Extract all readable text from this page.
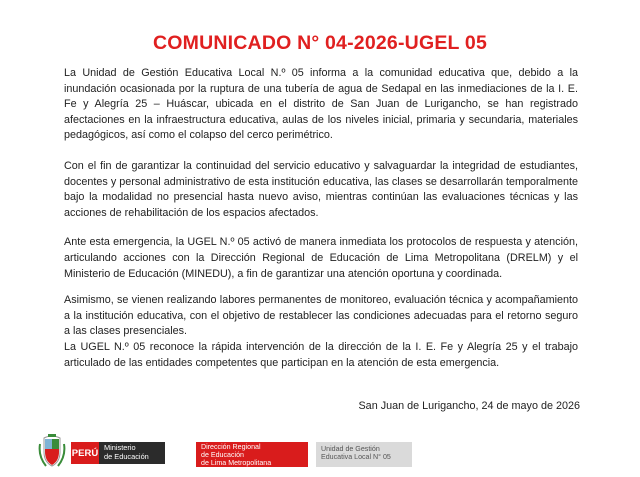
COMUNICADO N° 04-2026-UGEL 05

La Unidad de Gestión Educativa Local N.º 05 informa a la comunidad educativa que, debido a la inundación ocasionada por la ruptura de una tubería de agua de Sedapal en las inmediaciones de la I. E. Fe y Alegría 25 – Huáscar, ubicada en el distrito de San Juan de Lurigancho, se han registrado afectaciones en la infraestructura educativa, aulas de los niveles inicial, primaria y secundaria, materiales pedagógicos, así como el colapso del cerco perimétrico.

Con el fin de garantizar la continuidad del servicio educativo y salvaguardar la integridad de estudiantes, docentes y personal administrativo de esta institución educativa, las clases se desarrollarán temporalmente bajo la modalidad no presencial hasta nuevo aviso, mientras continúan las evaluaciones técnicas y las acciones de rehabilitación de los espacios afectados.

Ante esta emergencia, la UGEL N.º 05 activó de manera inmediata los protocolos de respuesta y atención, articulando acciones con la Dirección Regional de Educación de Lima Metropolitana (DRELM) y el Ministerio de Educación (MINEDU), a fin de garantizar una atención oportuna y coordinada.

Asimismo, se vienen realizando labores permanentes de monitoreo, evaluación técnica y acompañamiento a la institución educativa, con el objetivo de restablecer las condiciones adecuadas para el retorno seguro a las clases presenciales.

La UGEL N.º 05 reconoce la rápida intervención de la dirección de la I. E. Fe y Alegría 25 y el trabajo articulado de las entidades competentes que participan en la atención de esta emergencia.

San Juan de Lurigancho, 24 de mayo de 2026
PERÚ Ministerio
de Educación
Dirección Regional
de Educación
de Lima Metropolitana
Unidad de Gestión
Educativa Local N° 05
